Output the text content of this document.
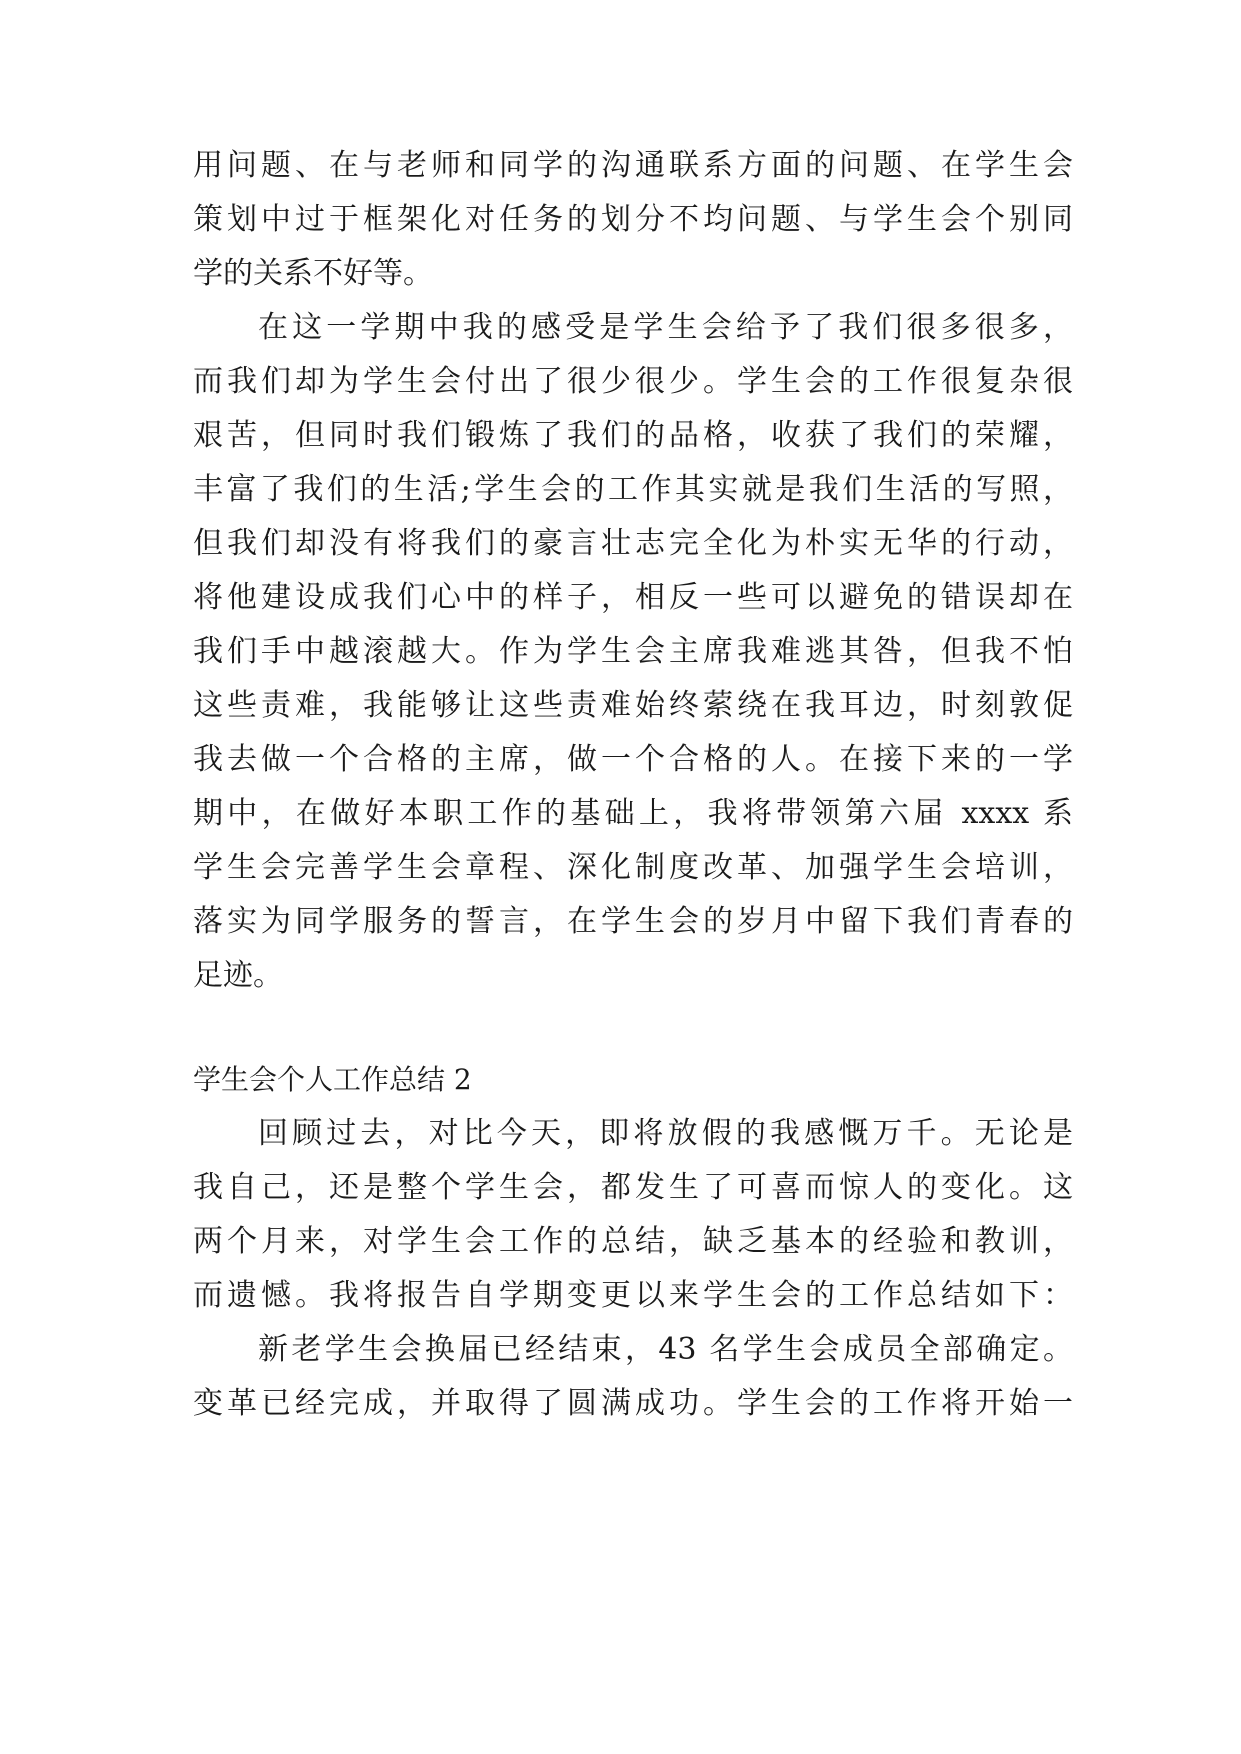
用问题、在与老师和同学的沟通联系方面的问题、在学生会
策划中过于框架化对任务的划分不均问题、与学生会个别同
学的关系不好等。
在这一学期中我的感受是学生会给予了我们很多很多，
而我们却为学生会付出了很少很少。学生会的工作很复杂很
艰苦，但同时我们锻炼了我们的品格，收获了我们的荣耀，
丰富了我们的生活;学生会的工作其实就是我们生活的写照，
但我们却没有将我们的豪言壮志完全化为朴实无华的行动，
将他建设成我们心中的样子，相反一些可以避免的错误却在
我们手中越滚越大。作为学生会主席我难逃其咎，但我不怕
这些责难，我能够让这些责难始终萦绕在我耳边，时刻敦促
我去做一个合格的主席，做一个合格的人。在接下来的一学
期中，在做好本职工作的基础上，我将带领第六届 xxxx 系
学生会完善学生会章程、深化制度改革、加强学生会培训，
落实为同学服务的誓言，在学生会的岁月中留下我们青春的
足迹。
学生会个人工作总结 2
回顾过去，对比今天，即将放假的我感慨万千。无论是
我自己，还是整个学生会，都发生了可喜而惊人的变化。这
两个月来，对学生会工作的总结，缺乏基本的经验和教训，
而遗憾。我将报告自学期变更以来学生会的工作总结如下：
新老学生会换届已经结束，43 名学生会成员全部确定。
变革已经完成，并取得了圆满成功。学生会的工作将开始一
